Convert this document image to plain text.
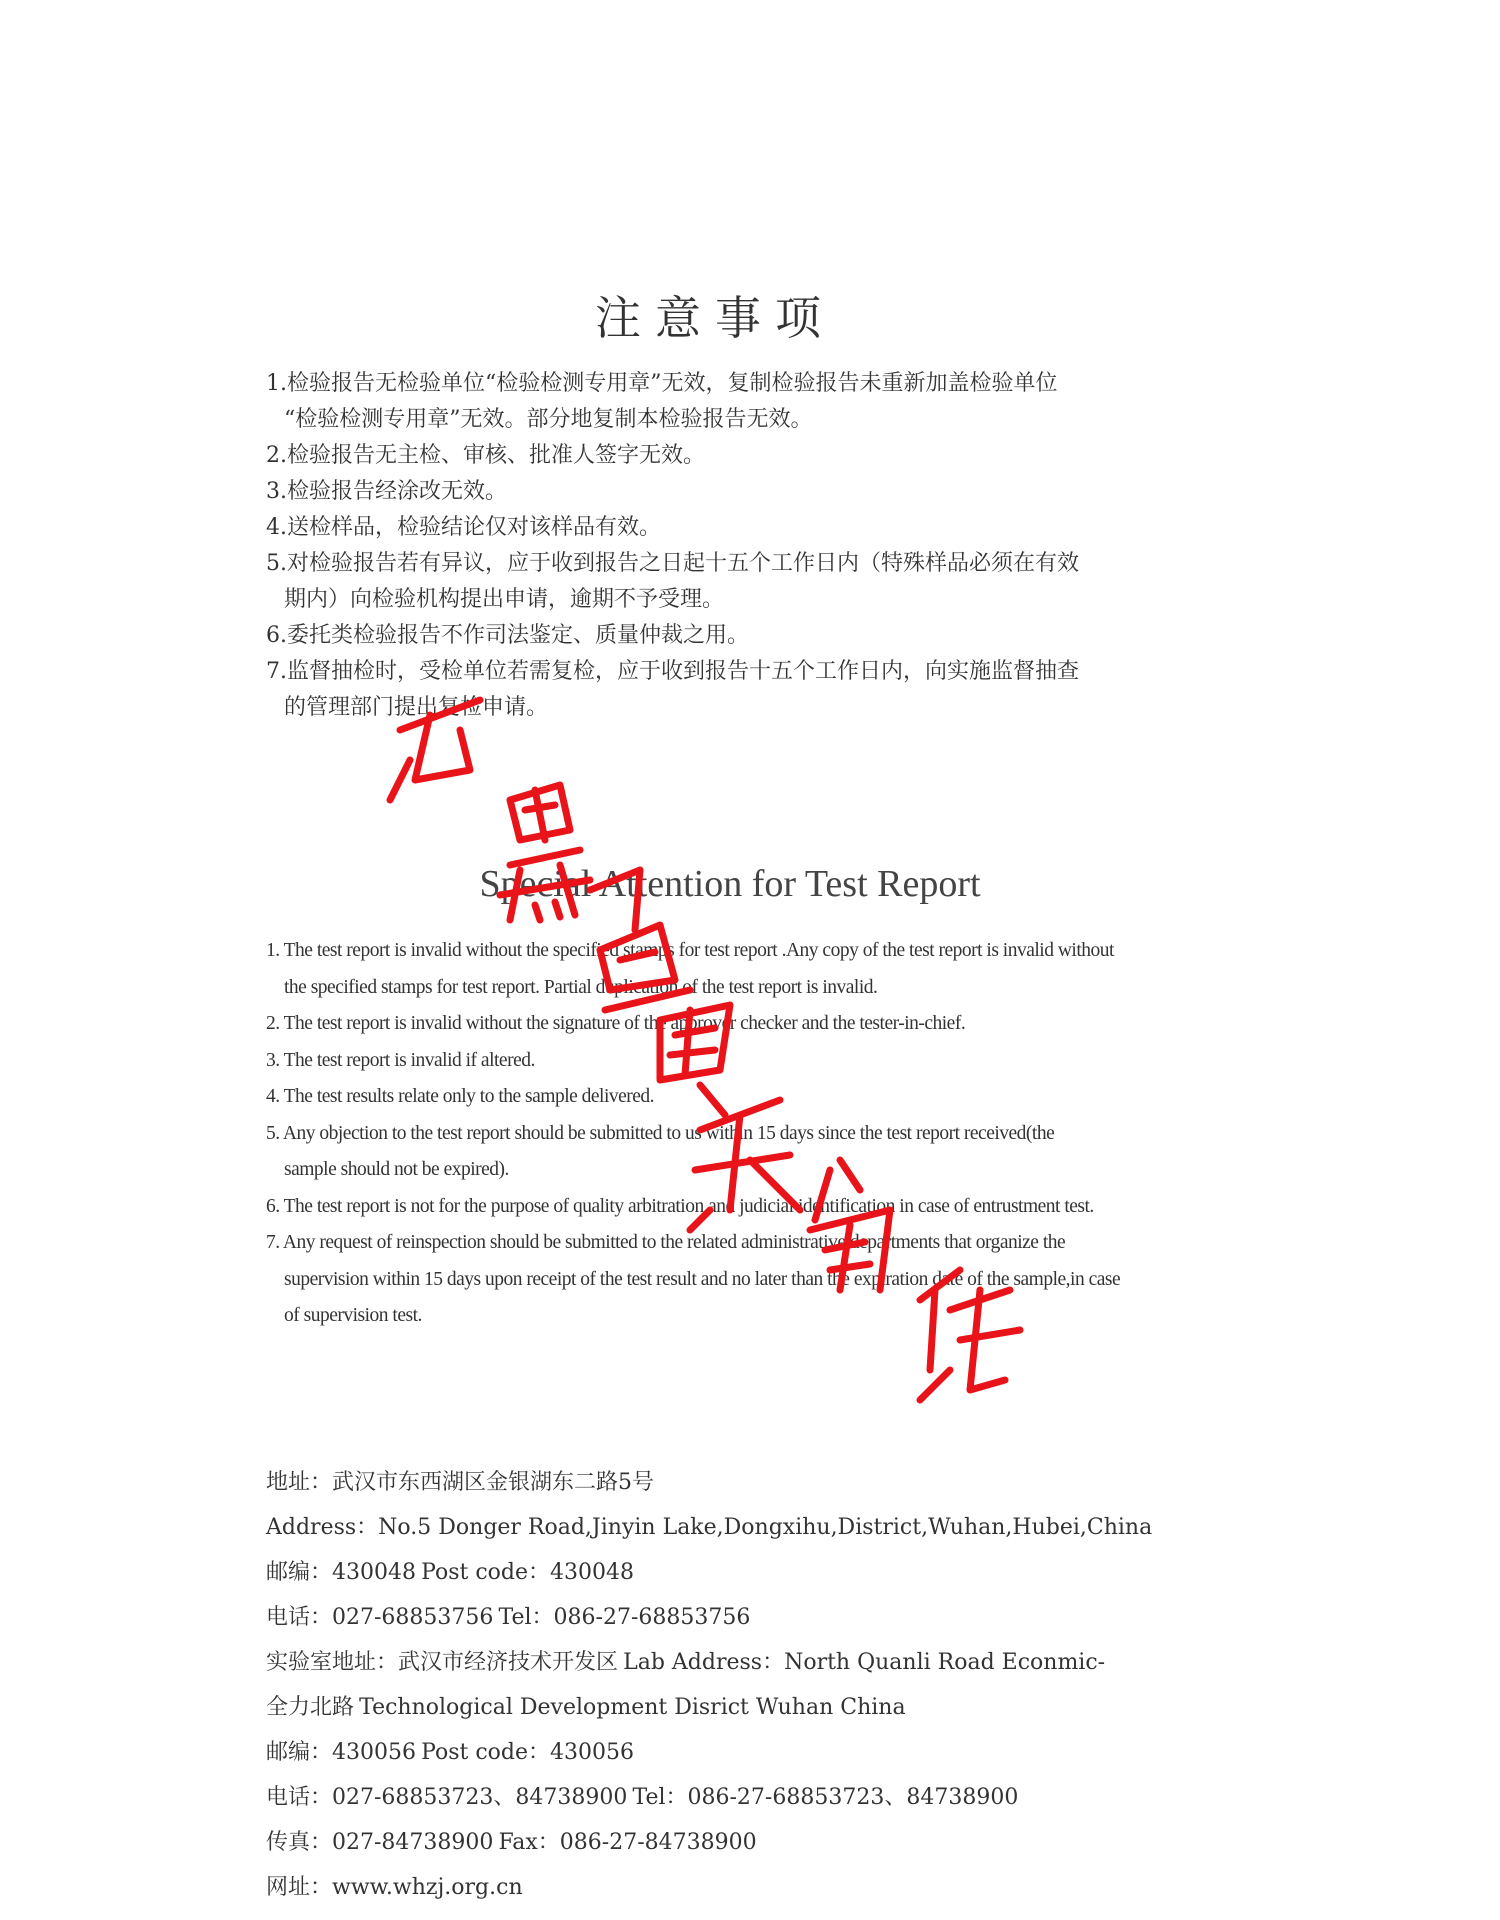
注意事项
1.检验报告无检验单位“检验检测专用章”无效，复制检验报告未重新加盖检验单位
“检验检测专用章”无效。部分地复制本检验报告无效。
2.检验报告无主检、审核、批准人签字无效。
3.检验报告经涂改无效。
4.送检样品，检验结论仅对该样品有效。
5.对检验报告若有异议，应于收到报告之日起十五个工作日内（特殊样品必须在有效
期内）向检验机构提出申请，逾期不予受理。
6.委托类检验报告不作司法鉴定、质量仲裁之用。
7.监督抽检时，受检单位若需复检，应于收到报告十五个工作日内，向实施监督抽查
的管理部门提出复检申请。
Special Attention for Test Report
1. The test report is invalid without the specified stamps for test report .Any copy of the test report is invalid without
the specified stamps for test report. Partial duplication of the test report is invalid.
2. The test report is invalid without the signature of the approver checker and the tester-in-chief.
3. The test report is invalid if altered.
4. The test results relate only to the sample delivered.
5. Any objection to the test report should be submitted to us within 15 days since the test report received(the
sample should not be expired).
6. The test report is not for the purpose of quality arbitration and judicial identification in case of entrustment test.
7. Any request of reinspection should be submitted to the related administrative departments that organize the
supervision within 15 days upon receipt of the test result and no later than the expiration date of the sample,in case
of supervision test.
地址：武汉市东西湖区金银湖东二路5号
Address：No.5 Donger Road,Jinyin Lake,Dongxihu,District,Wuhan,Hubei,China
邮编：430048 Post code：430048
电话：027-68853756 Tel：086-27-68853756
实验室地址：武汉市经济技术开发区 Lab Address：North Quanli Road Econmic-
全力北路 Technological Development Disrict Wuhan China
邮编：430056 Post code：430056
电话：027-68853723、84738900 Tel：086-27-68853723、84738900
传真：027-84738900 Fax：086-27-84738900
网址：www.whzj.org.cn
